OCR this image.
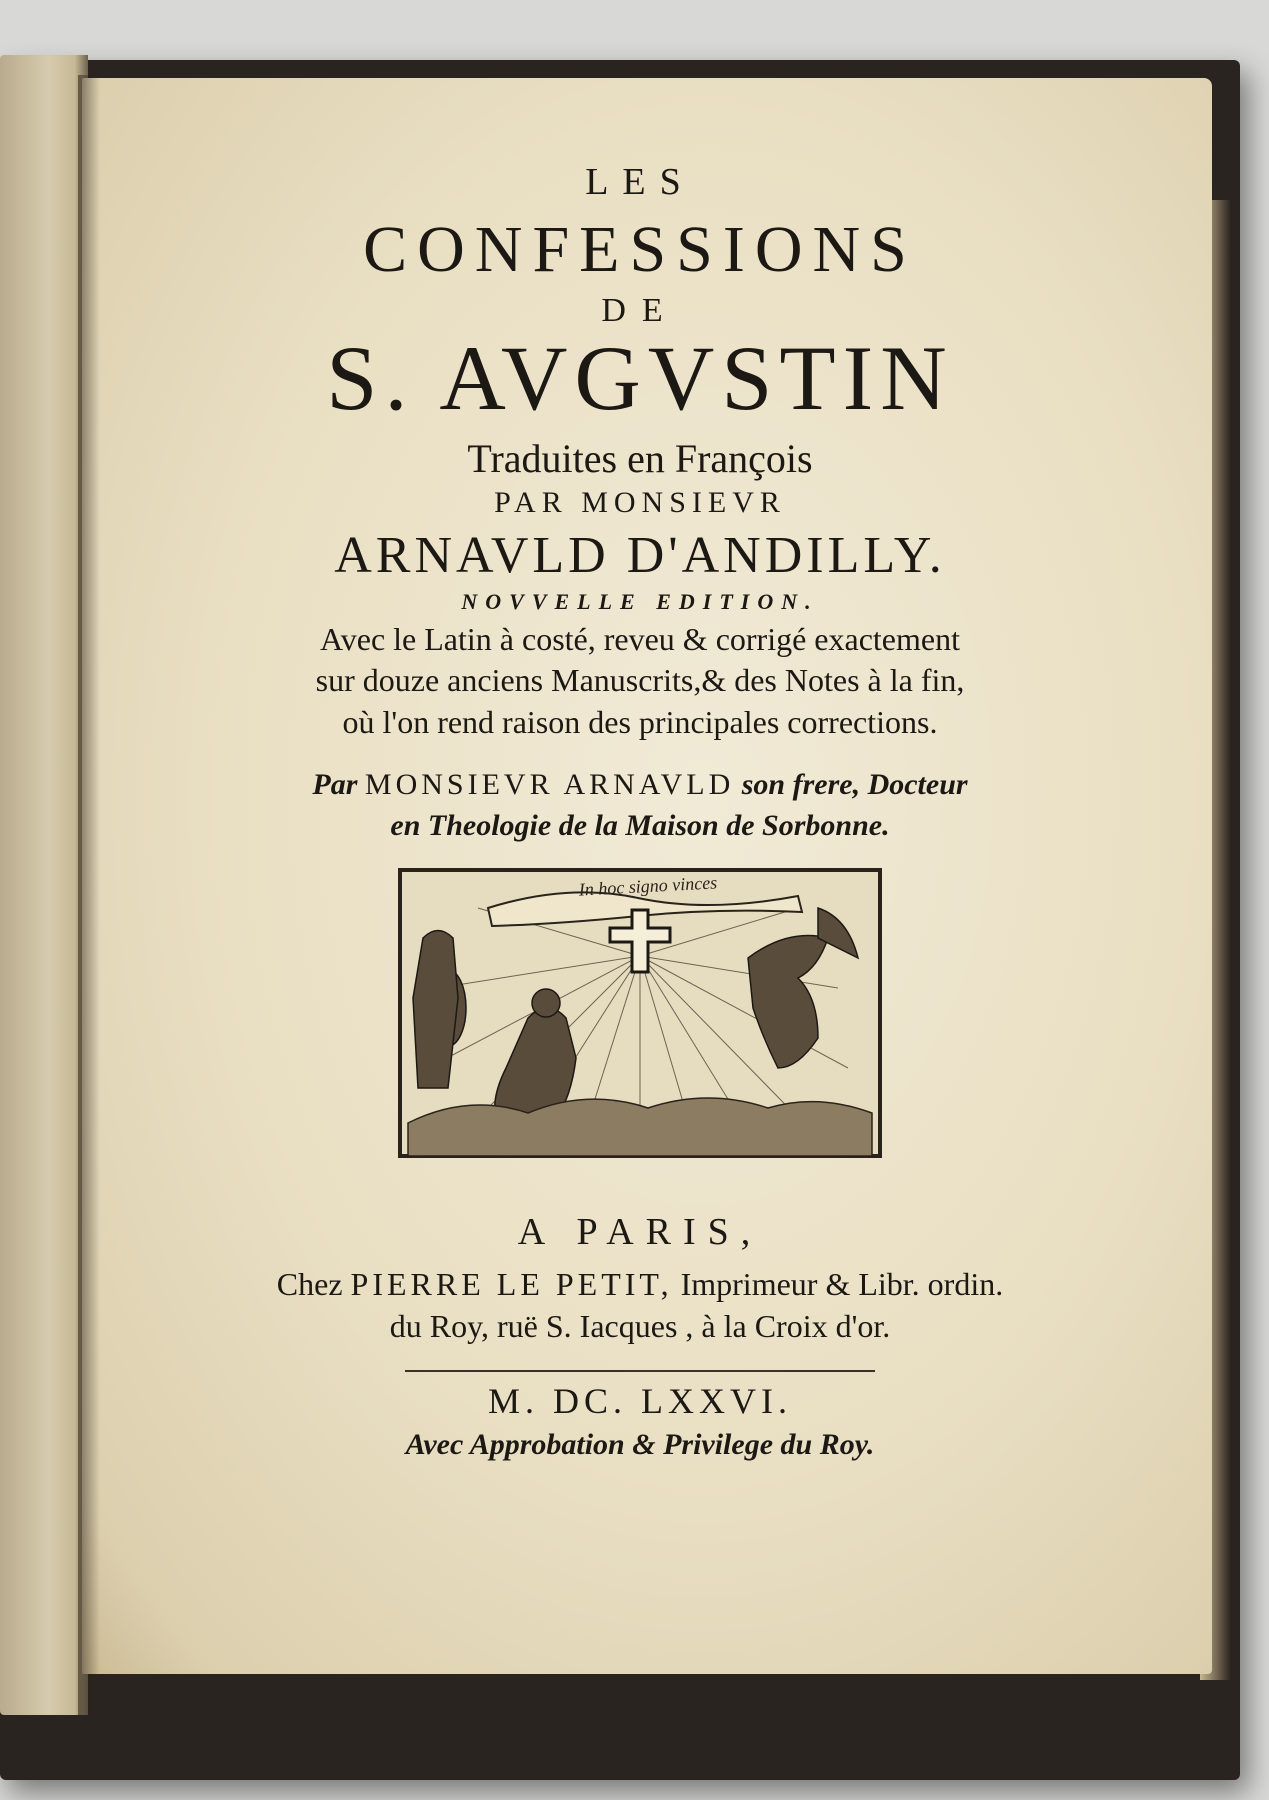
LES
CONFESSIONS
DE
S. AVGVSTIN
Traduites en François
PAR MONSIEVR
ARNAVLD D'ANDILLY.
NOVVELLE EDITION.
Avec le Latin à costé, reveu & corrigé exactement
sur douze anciens Manuscrits,& des Notes à la fin,
où l'on rend raison des principales corrections.
Par MONSIEVR ARNAVLD son frere, Docteur
en Theologie de la Maison de Sorbonne.
In hoc signo vinces
A PARIS,
Chez PIERRE LE PETIT, Imprimeur & Libr. ordin.
du Roy, ruë S. Iacques , à la Croix d'or.
M. DC. LXXVI.
Avec Approbation & Privilege du Roy.
